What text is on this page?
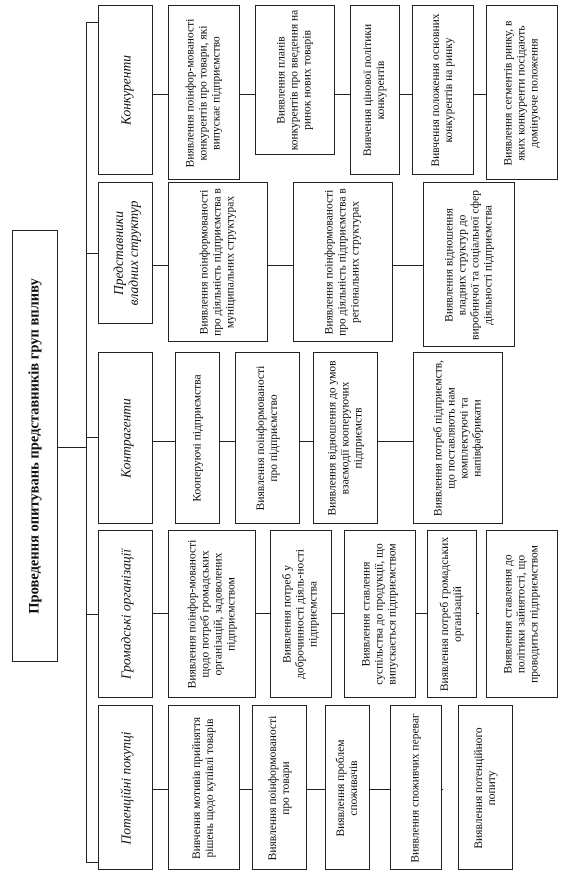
Проведення опитувань представників груп впливу
Конкуренти	Виявлення поінфор-мованості конкурентів про товари, які випускає підприємство	Виявлення планів конкурентів про введення на ринок нових товарів	Вивчення цінової політики конкурентів	Вивчення положення основних конкурентів на ринку	Виявлення сегментів ринку, в яких конкуренти посідають домінуюче положення
Представники владних структур	Виявлення поінформованості про діяльність підприємства в муніципальних структурах	Виявлення поінформованості про діяльність підприємства в регіональних структурах	Виявлення відношення владних структур до виробничої та соціальної сфер діяльності підприємства
Контрагенти	Кооперуючі підприємства	Виявлення поінформованості про підприємство	Виявлення відношення до умов взаємодії кооперуючих підприємств	Виявлення потреб підприємств, що поставляють нам комплектуючі та напівфабрикати
Громадські організації	Виявлення поінфор-мованості щодо потреб громадських організацій, задоволених підприємством	Виявлення потреб у доброчинності діяль-ності підприємства	Виявлення ставлення суспільства до продукції, що випускається підприємством	Виявлення потреб громадських організацій	Виявлення ставлення до політики зайнятості, що проводиться підприємством
Потенційні покупці	Вивчення мотивів прийняття рішень щодо купівлі товарів	Виявлення поінформованості про товари	Виявлення проблем споживачів	Виявлення споживчих переваг	Виявлення потенційного попиту
